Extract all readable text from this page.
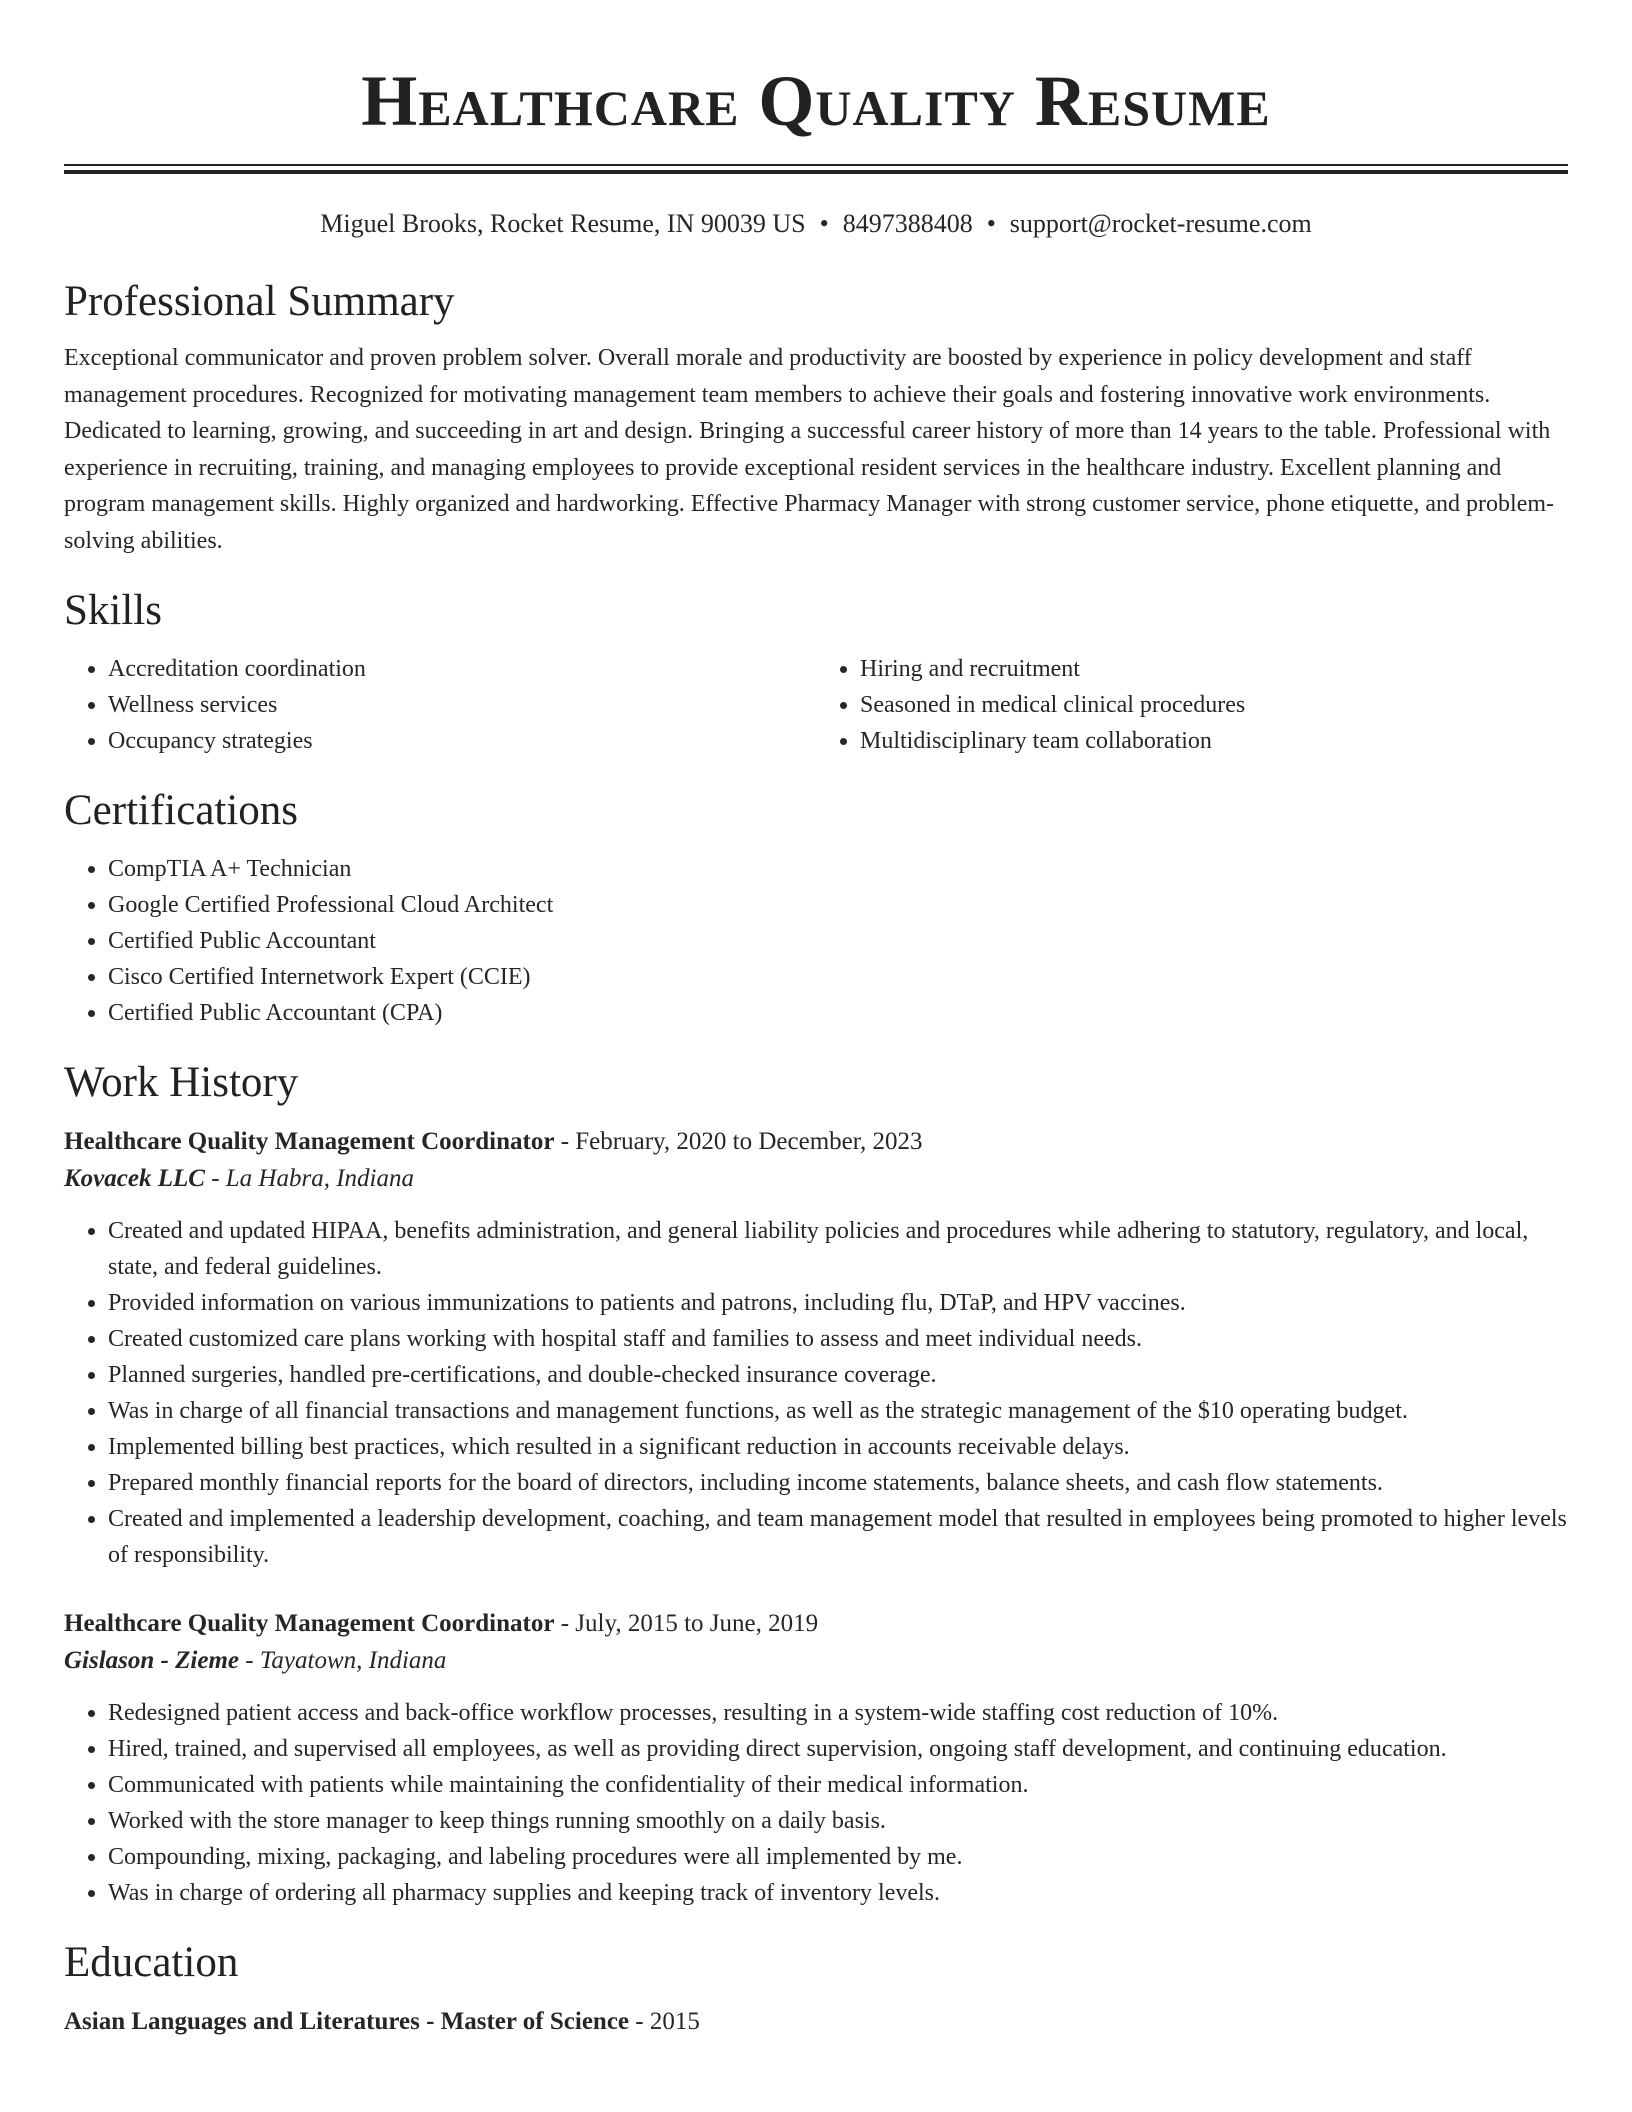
Healthcare Quality Resume
Miguel Brooks, Rocket Resume, IN 90039 US • 8497388408 • support@rocket-resume.com
Professional Summary

Exceptional communicator and proven problem solver. Overall morale and productivity are boosted by experience in policy development and staff management procedures. Recognized for motivating management team members to achieve their goals and fostering innovative work environments. Dedicated to learning, growing, and succeeding in art and design. Bringing a successful career history of more than 14 years to the table. Professional with experience in recruiting, training, and managing employees to provide exceptional resident services in the healthcare industry. Excellent planning and program management skills. Highly organized and hardworking. Effective Pharmacy Manager with strong customer service, phone etiquette, and problem-solving abilities.

Skills
• Accreditation coordination
• Wellness services
• Occupancy strategies
• Hiring and recruitment
• Seasoned in medical clinical procedures
• Multidisciplinary team collaboration
Certifications
• CompTIA A+ Technician
• Google Certified Professional Cloud Architect
• Certified Public Accountant
• Cisco Certified Internetwork Expert (CCIE)
• Certified Public Accountant (CPA)
Work History
Healthcare Quality Management Coordinator - February, 2020 to December, 2023
Kovacek LLC - La Habra, Indiana
• Created and updated HIPAA, benefits administration, and general liability policies and procedures while adhering to statutory, regulatory, and local, state, and federal guidelines.
• Provided information on various immunizations to patients and patrons, including flu, DTaP, and HPV vaccines.
• Created customized care plans working with hospital staff and families to assess and meet individual needs.
• Planned surgeries, handled pre-certifications, and double-checked insurance coverage.
• Was in charge of all financial transactions and management functions, as well as the strategic management of the $10 operating budget.
• Implemented billing best practices, which resulted in a significant reduction in accounts receivable delays.
• Prepared monthly financial reports for the board of directors, including income statements, balance sheets, and cash flow statements.
• Created and implemented a leadership development, coaching, and team management model that resulted in employees being promoted to higher levels of responsibility.
Healthcare Quality Management Coordinator - July, 2015 to June, 2019
Gislason - Zieme - Tayatown, Indiana
• Redesigned patient access and back-office workflow processes, resulting in a system-wide staffing cost reduction of 10%.
• Hired, trained, and supervised all employees, as well as providing direct supervision, ongoing staff development, and continuing education.
• Communicated with patients while maintaining the confidentiality of their medical information.
• Worked with the store manager to keep things running smoothly on a daily basis.
• Compounding, mixing, packaging, and labeling procedures were all implemented by me.
• Was in charge of ordering all pharmacy supplies and keeping track of inventory levels.
Education
Asian Languages and Literatures - Master of Science - 2015
